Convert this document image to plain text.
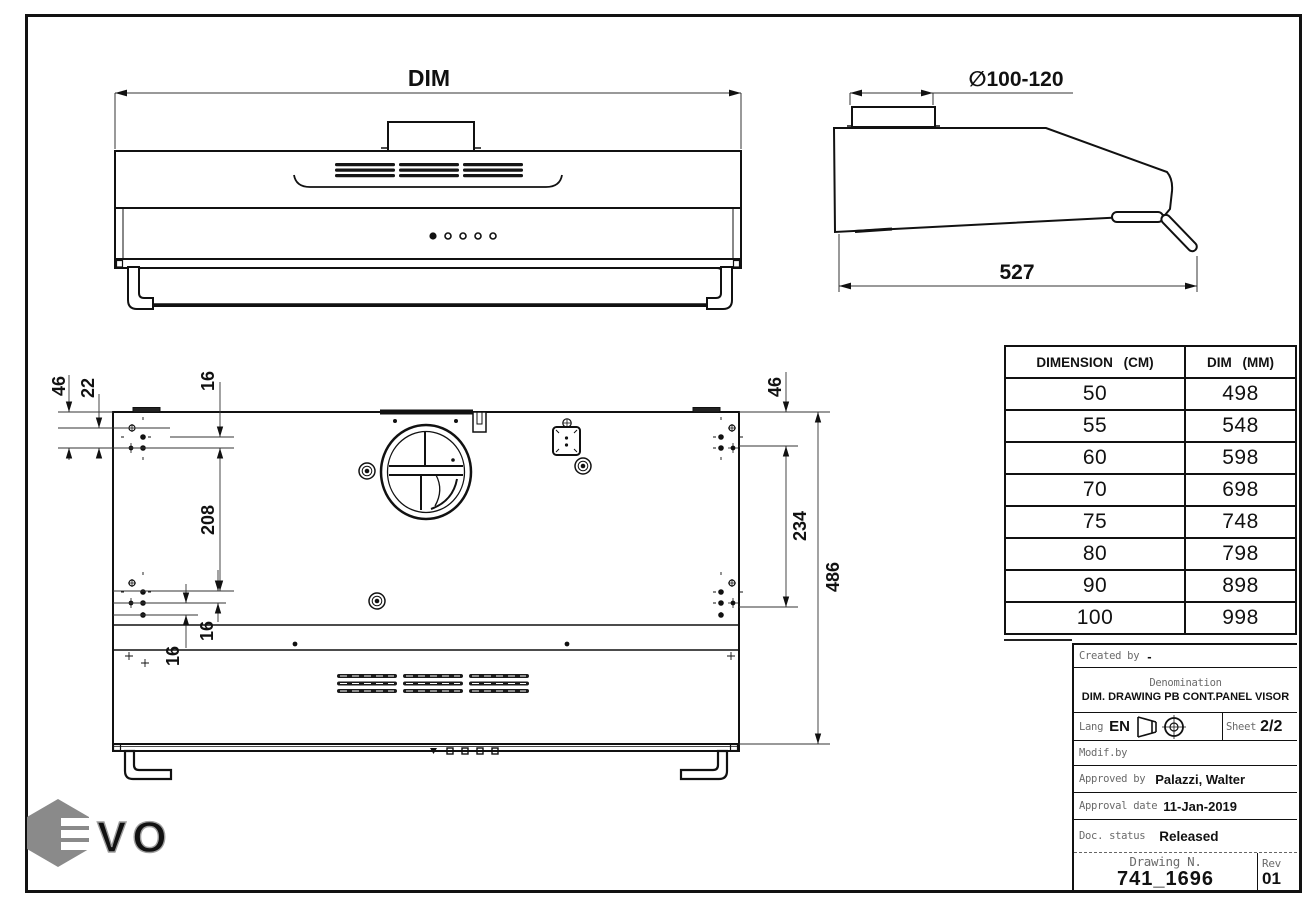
DIM	∅100-120
527
46 22	16
208
16
16
46
234
486
DIMENSION (CM)	DIM (MM)
50	498
55	548
60	598
70	698
75	748
80	798
90	898
100	998
Created by -
Denomination
DIM. DRAWING PB CONT.PANEL VISOR
Lang EN	Sheet 2/2
Modif.by
Approved by Palazzi, Walter
Approval date 11-Jan-2019
Doc. status Released
Drawing N.
741_1696
Rev
01
VO
